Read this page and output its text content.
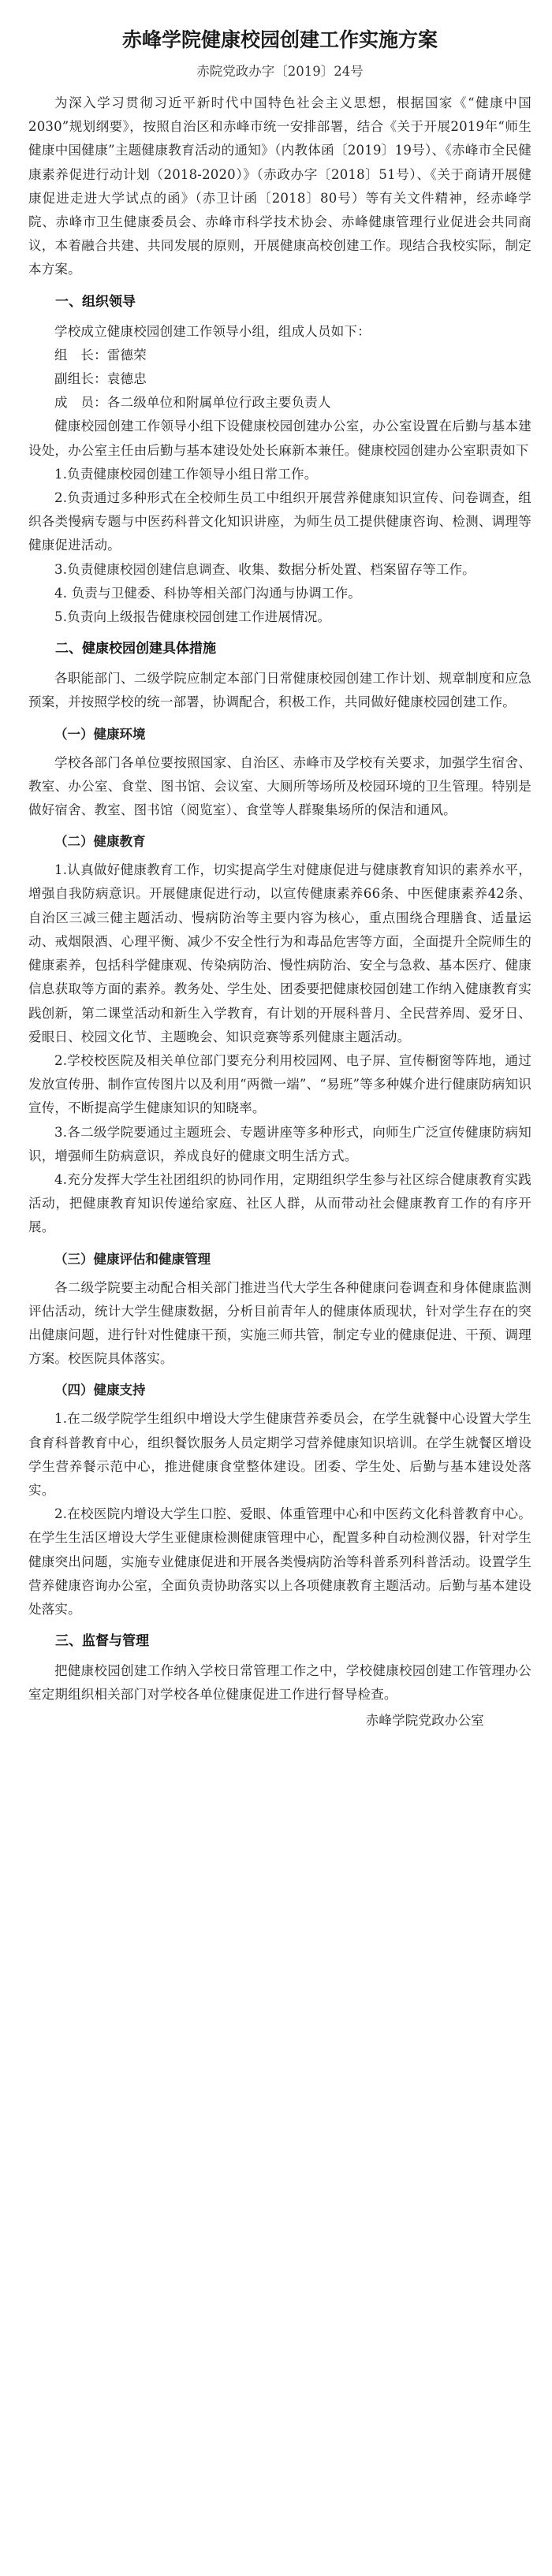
赤峰学院健康校园创建工作实施方案
赤院党政办字〔2019〕24号

为深入学习贯彻习近平新时代中国特色社会主义思想，根据国家《“健康中国2030”规划纲要》，按照自治区和赤峰市统一安排部署，结合《关于开展2019年“师生健康中国健康”主题健康教育活动的通知》（内教体函〔2019〕19号）、《赤峰市全民健康素养促进行动计划（2018-2020）》（赤政办字〔2018〕51号）、《关于商请开展健康促进走进大学试点的函》（赤卫计函〔2018〕80号）等有关文件精神，经赤峰学院、赤峰市卫生健康委员会、赤峰市科学技术协会、赤峰健康管理行业促进会共同商议，本着融合共建、共同发展的原则，开展健康高校创建工作。现结合我校实际，制定本方案。

一、组织领导

学校成立健康校园创建工作领导小组，组成人员如下：

组　长：雷德荣

副组长：袁德忠

成　员：各二级单位和附属单位行政主要负责人

健康校园创建工作领导小组下设健康校园创建办公室，办公室设置在后勤与基本建设处，办公室主任由后勤与基本建设处处长麻新本兼任。健康校园创建办公室职责如下

1.负责健康校园创建工作领导小组日常工作。

2.负责通过多种形式在全校师生员工中组织开展营养健康知识宣传、问卷调查，组织各类慢病专题与中医药科普文化知识讲座，为师生员工提供健康咨询、检测、调理等健康促进活动。

3.负责健康校园创建信息调查、收集、数据分析处置、档案留存等工作。

4. 负责与卫健委、科协等相关部门沟通与协调工作。

5.负责向上级报告健康校园创建工作进展情况。

二、健康校园创建具体措施

各职能部门、二级学院应制定本部门日常健康校园创建工作计划、规章制度和应急预案，并按照学校的统一部署，协调配合，积极工作，共同做好健康校园创建工作。

（一）健康环境

学校各部门各单位要按照国家、自治区、赤峰市及学校有关要求，加强学生宿舍、教室、办公室、食堂、图书馆、会议室、大厕所等场所及校园环境的卫生管理。特别是做好宿舍、教室、图书馆（阅览室）、食堂等人群聚集场所的保洁和通风。

（二）健康教育

1.认真做好健康教育工作，切实提高学生对健康促进与健康教育知识的素养水平，增强自我防病意识。开展健康促进行动，以宣传健康素养66条、中医健康素养42条、自治区三减三健主题活动、慢病防治等主要内容为核心，重点围绕合理膳食、适量运动、戒烟限酒、心理平衡、减少不安全性行为和毒品危害等方面，全面提升全院师生的健康素养，包括科学健康观、传染病防治、慢性病防治、安全与急救、基本医疗、健康信息获取等方面的素养。教务处、学生处、团委要把健康校园创建工作纳入健康教育实践创新，第二课堂活动和新生入学教育，有计划的开展科普月、全民营养周、爱牙日、爱眼日、校园文化节、主题晚会、知识竞赛等系列健康主题活动。

2.学校校医院及相关单位部门要充分利用校园网、电子屏、宣传橱窗等阵地，通过发放宣传册、制作宣传图片以及利用“两微一端”、“易班”等多种媒介进行健康防病知识宣传，不断提高学生健康知识的知晓率。

3.各二级学院要通过主题班会、专题讲座等多种形式，向师生广泛宣传健康防病知识，增强师生防病意识，养成良好的健康文明生活方式。

4.充分发挥大学生社团组织的协同作用，定期组织学生参与社区综合健康教育实践活动，把健康教育知识传递给家庭、社区人群，从而带动社会健康教育工作的有序开展。

（三）健康评估和健康管理

各二级学院要主动配合相关部门推进当代大学生各种健康问卷调查和身体健康监测评估活动，统计大学生健康数据，分析目前青年人的健康体质现状，针对学生存在的突出健康问题，进行针对性健康干预，实施三师共管，制定专业的健康促进、干预、调理方案。校医院具体落实。

（四）健康支持

1.在二级学院学生组织中增设大学生健康营养委员会，在学生就餐中心设置大学生食育科普教育中心，组织餐饮服务人员定期学习营养健康知识培训。在学生就餐区增设学生营养餐示范中心，推进健康食堂整体建设。团委、学生处、后勤与基本建设处落实。

2.在校医院内增设大学生口腔、爱眼、体重管理中心和中医药文化科普教育中心。在学生生活区增设大学生亚健康检测健康管理中心，配置多种自动检测仪器，针对学生健康突出问题，实施专业健康促进和开展各类慢病防治等科普系列科普活动。设置学生营养健康咨询办公室，全面负责协助落实以上各项健康教育主题活动。后勤与基本建设处落实。

三、监督与管理

把健康校园创建工作纳入学校日常管理工作之中，学校健康校园创建工作管理办公室定期组织相关部门对学校各单位健康促进工作进行督导检查。

赤峰学院党政办公室
